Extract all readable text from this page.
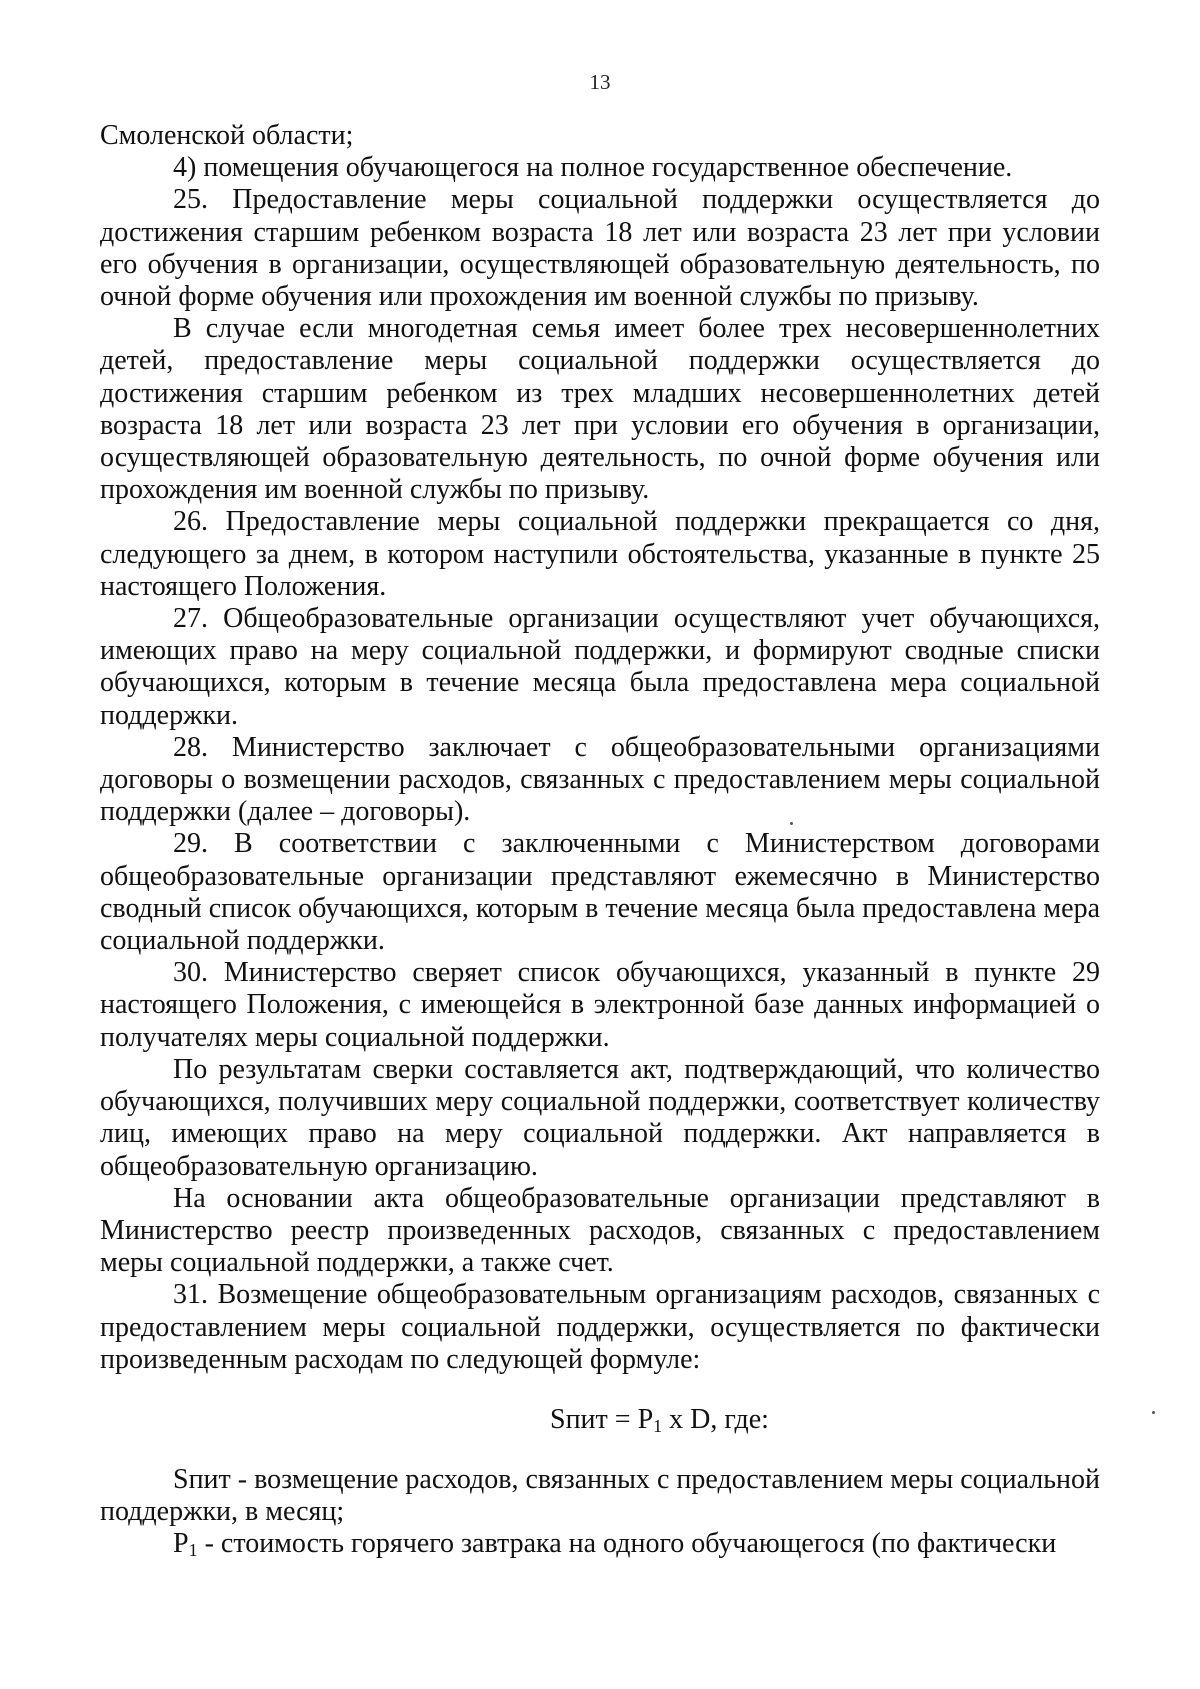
13

Смоленской области;

4) помещения обучающегося на полное государственное обеспечение.

25. Предоставление меры социальной поддержки осуществляется до достижения старшим ребенком возраста 18 лет или возраста 23 лет при условии его обучения в организации, осуществляющей образовательную деятельность, по очной форме обучения или прохождения им военной службы по призыву.

В случае если многодетная семья имеет более трех несовершеннолетних детей, предоставление меры социальной поддержки осуществляется до достижения старшим ребенком из трех младших несовершеннолетних детей возраста 18 лет или возраста 23 лет при условии его обучения в организации, осуществляющей образовательную деятельность, по очной форме обучения или прохождения им военной службы по призыву.

26. Предоставление меры социальной поддержки прекращается со дня, следующего за днем, в котором наступили обстоятельства, указанные в пункте 25 настоящего Положения.

27. Общеобразовательные организации осуществляют учет обучающихся, имеющих право на меру социальной поддержки, и формируют сводные списки обучающихся, которым в течение месяца была предоставлена мера социальной поддержки.

28. Министерство заключает с общеобразовательными организациями договоры о возмещении расходов, связанных с предоставлением меры социальной поддержки (далее – договоры).

29. В соответствии с заключенными с Министерством договорами общеобразовательные организации представляют ежемесячно в Министерство сводный список обучающихся, которым в течение месяца была предоставлена мера социальной поддержки.

30. Министерство сверяет список обучающихся, указанный в пункте 29 настоящего Положения, с имеющейся в электронной базе данных информацией о получателях меры социальной поддержки.

По результатам сверки составляется акт, подтверждающий, что количество обучающихся, получивших меру социальной поддержки, соответствует количеству лиц, имеющих право на меру социальной поддержки. Акт направляется в общеобразовательную организацию.

На основании акта общеобразовательные организации представляют в Министерство реестр произведенных расходов, связанных с предоставлением меры социальной поддержки, а также счет.

31. Возмещение общеобразовательным организациям расходов, связанных с предоставлением меры социальной поддержки, осуществляется по фактически произведенным расходам по следующей формуле:

Sпит = $P_1$ x D, где:

Sпит - возмещение расходов, связанных с предоставлением меры социальной поддержки, в месяц;

$P_1$ - стоимость горячего завтрака на одного обучающегося (по фактически
